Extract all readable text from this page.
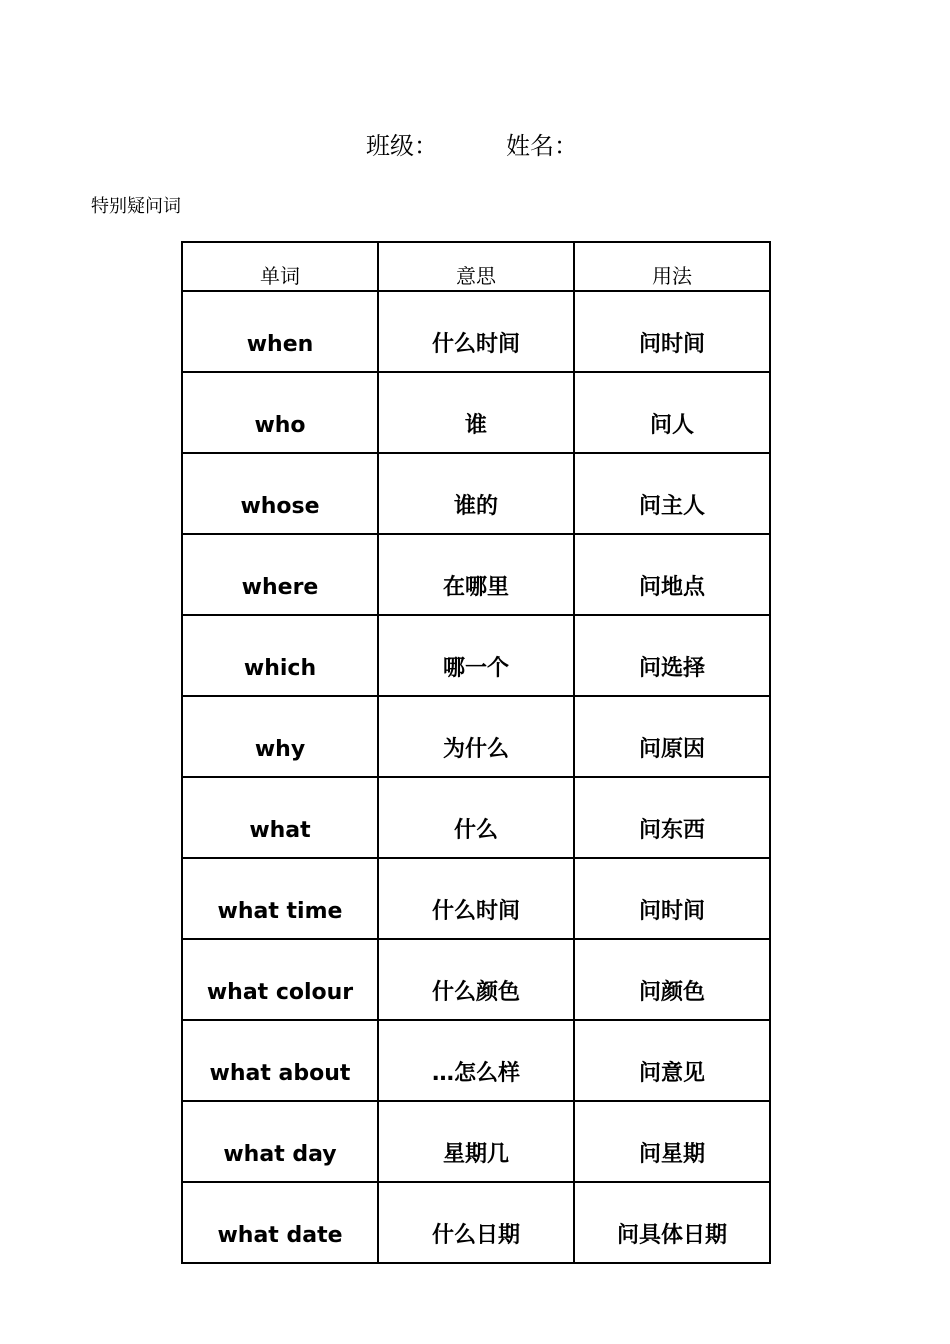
班级：	姓名：
特别疑问词
单词	意思	用法
when	什么时间	问时间
who	谁	问人
whose	谁的	问主人
where	在哪里	问地点
which	哪一个	问选择
why	为什么	问原因
what	什么	问东西
what time	什么时间	问时间
what colour	什么颜色	问颜色
what about	…怎么样	问意见
what day	星期几	问星期
what date	什么日期	问具体日期
